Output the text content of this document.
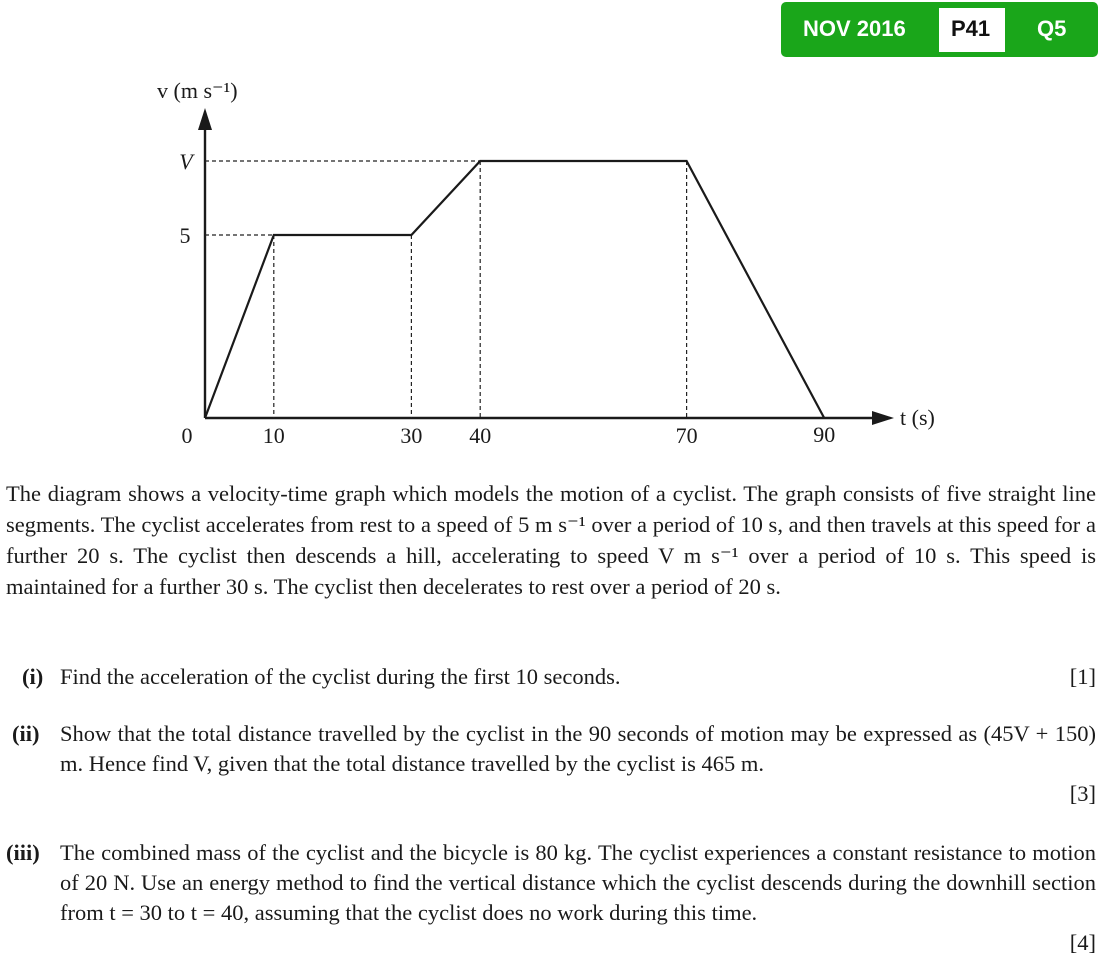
NOV 2016 P41 Q5
0	10	30 40	70	90
5
V
v (m s⁻¹)
t (s)

The diagram shows a velocity-time graph which models the motion of a cyclist. The graph consists of five straight line segments. The cyclist accelerates from rest to a speed of 5 m s⁻¹ over a period of 10 s, and then travels at this speed for a further 20 s. The cyclist then descends a hill, accelerating to speed V m s⁻¹ over a period of 10 s. This speed is maintained for a further 30 s. The cyclist then decelerates to rest over a period of 20 s.

(i) Find the acceleration of the cyclist during the first 10 seconds.	[1]
(ii) Show that the total distance travelled by the cyclist in the 90 seconds of motion may be expressed as (45V + 150) m. Hence find V, given that the total distance travelled by the cyclist is 465 m.
[3]
(iii) The combined mass of the cyclist and the bicycle is 80 kg. The cyclist experiences a constant resistance to motion of 20 N. Use an energy method to find the vertical distance which the cyclist descends during the downhill section from t = 30 to t = 40, assuming that the cyclist does no work during this time.
[4]
